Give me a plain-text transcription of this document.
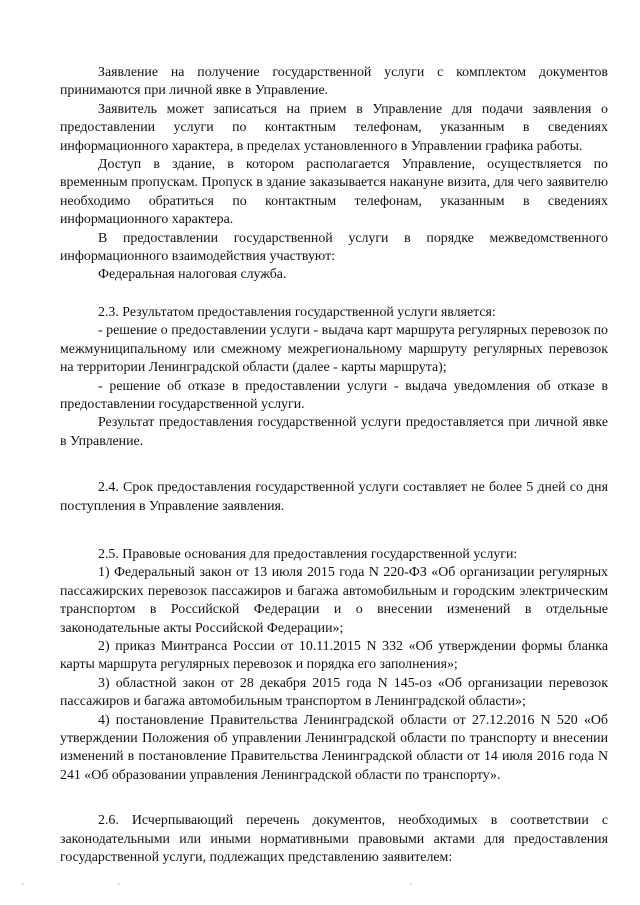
Заявление на получение государственной услуги с комплектом документов принимаются при личной явке в Управление.

Заявитель может записаться на прием в Управление для подачи заявления о предоставлении услуги по контактным телефонам, указанным в сведениях информационного характера, в пределах установленного в Управлении графика работы.

Доступ в здание, в котором располагается Управление, осуществляется по временным пропускам. Пропуск в здание заказывается накануне визита, для чего заявителю необходимо обратиться по контактным телефонам, указанным в сведениях информационного характера.

В предоставлении государственной услуги в порядке межведомственного информационного взаимодействия участвуют:

Федеральная налоговая служба.

2.3. Результатом предоставления государственной услуги является:

- решение о предоставлении услуги - выдача карт маршрута регулярных перевозок по межмуниципальному или смежному межрегиональному маршруту регулярных перевозок на территории Ленинградской области (далее - карты маршрута);

- решение об отказе в предоставлении услуги - выдача уведомления об отказе в предоставлении государственной услуги.

Результат предоставления государственной услуги предоставляется при личной явке в Управление.

2.4. Срок предоставления государственной услуги составляет не более 5 дней со дня поступления в Управление заявления.

2.5. Правовые основания для предоставления государственной услуги:

1) Федеральный закон от 13 июля 2015 года N 220-ФЗ «Об организации регулярных пассажирских перевозок пассажиров и багажа автомобильным и городским электрическим транспортом в Российской Федерации и о внесении изменений в отдельные законодательные акты Российской Федерации»;

2) приказ Минтранса России от 10.11.2015 N 332 «Об утверждении формы бланка карты маршрута регулярных перевозок и порядка его заполнения»;

3) областной закон от 28 декабря 2015 года N 145-оз «Об организации перевозок пассажиров и багажа автомобильным транспортом в Ленинградской области»;

4) постановление Правительства Ленинградской области от 27.12.2016 N 520 «Об утверждении Положения об управлении Ленинградской области по транспорту и внесении изменений в постановление Правительства Ленинградской области от 14 июля 2016 года N 241 «Об образовании управления Ленинградской области по транспорту».

2.6. Исчерпывающий перечень документов, необходимых в соответствии с законодательными или иными нормативными правовыми актами для предоставления государственной услуги, подлежащих представлению заявителем:
